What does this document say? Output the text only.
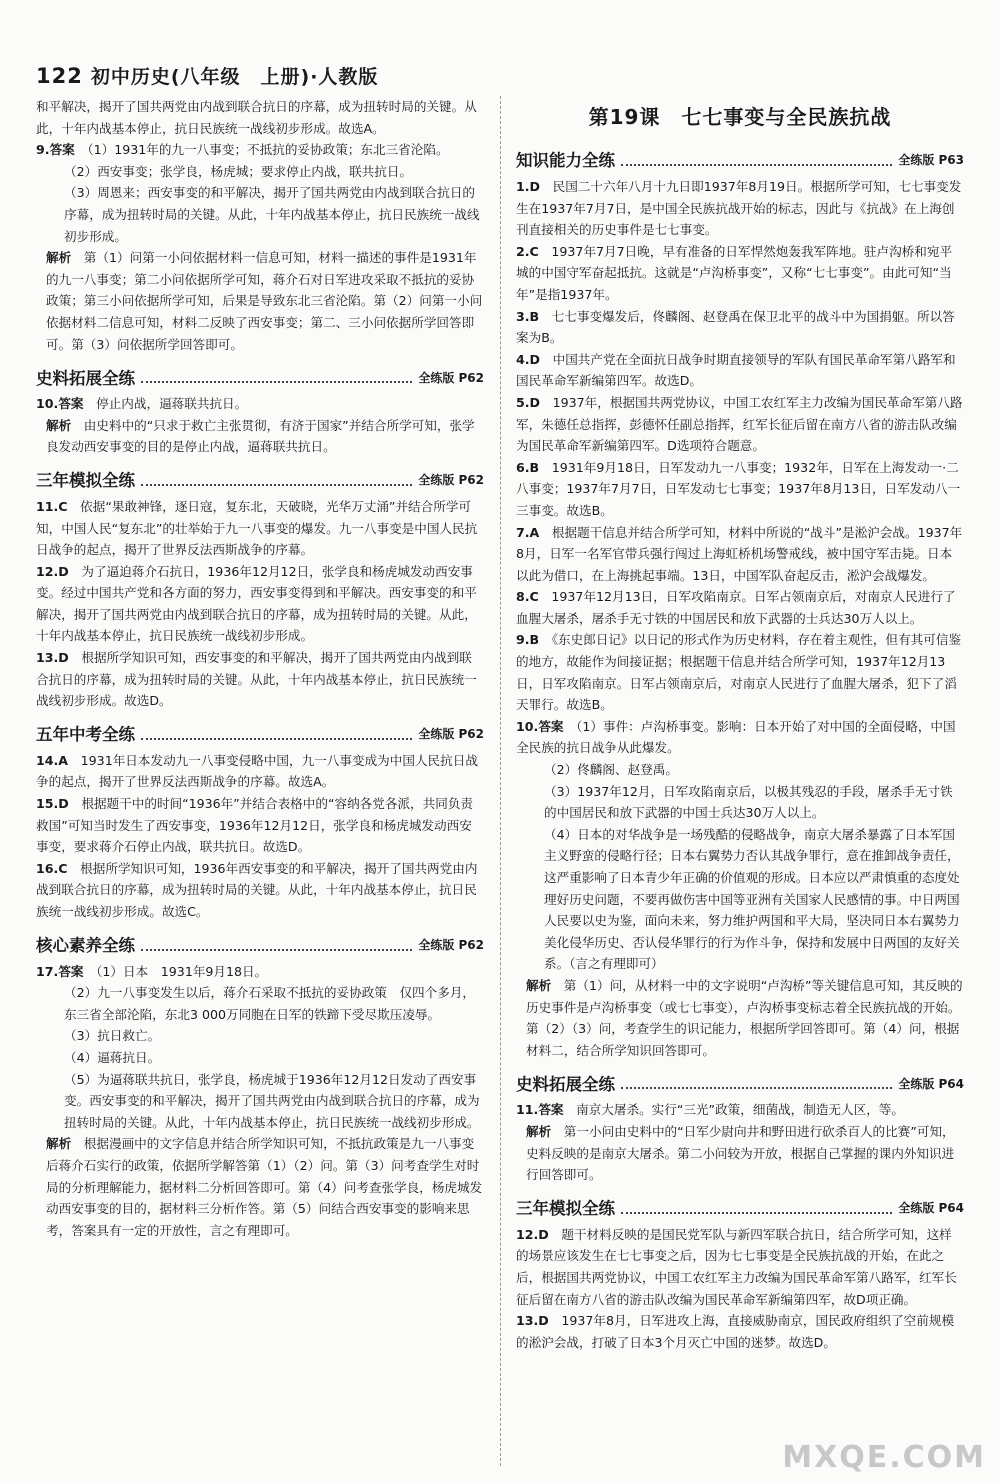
122 初中历史(八年级　上册)·人教版

和平解决，揭开了国共两党由内战到联合抗日的序幕，成为扭转时局的关键。从此，十年内战基本停止，抗日民族统一战线初步形成。故选A。

9.答案　 （1）1931年的九一八事变；不抵抗的妥协政策；东北三省沦陷。

（2）西安事变；张学良，杨虎城；要求停止内战，联共抗日。

（3）周恩来；西安事变的和平解决，揭开了国共两党由内战到联合抗日的序幕，成为扭转时局的关键。从此，十年内战基本停止，抗日民族统一战线初步形成。

解析　 第（1）问第一小问依据材料一信息可知，材料一描述的事件是1931年的九一八事变；第二小问依据所学可知，蒋介石对日军进攻采取不抵抗的妥协政策；第三小问依据所学可知，后果是导致东北三省沦陷。第（2）问第一小问依据材料二信息可知，材料二反映了西安事变；第二、三小问依据所学回答即可。第（3）问依据所学回答即可。

史料拓展全练	全练版 P62

10.答案　 停止内战，逼蒋联共抗日。

解析　 由史料中的“只求于救亡主张贯彻，有济于国家”并结合所学可知，张学良发动西安事变的目的是停止内战，逼蒋联共抗日。

三年模拟全练	全练版 P62

11.C　 依据“果敢神锋，逐日寇，复东北，天破晓，光华万丈涌”并结合所学可知，中国人民“复东北”的壮举始于九一八事变的爆发。九一八事变是中国人民抗日战争的起点，揭开了世界反法西斯战争的序幕。

12.D　 为了逼迫蒋介石抗日，1936年12月12日，张学良和杨虎城发动西安事变。经过中国共产党和各方面的努力，西安事变得到和平解决。西安事变的和平解决，揭开了国共两党由内战到联合抗日的序幕，成为扭转时局的关键。从此，十年内战基本停止，抗日民族统一战线初步形成。

13.D　 根据所学知识可知，西安事变的和平解决，揭开了国共两党由内战到联合抗日的序幕，成为扭转时局的关键。从此，十年内战基本停止，抗日民族统一战线初步形成。故选D。

五年中考全练	全练版 P62

14.A　 1931年日本发动九一八事变侵略中国，九一八事变成为中国人民抗日战争的起点，揭开了世界反法西斯战争的序幕。故选A。

15.D　 根据题干中的时间“1936年”并结合表格中的“容纳各党各派，共同负责救国”可知当时发生了西安事变，1936年12月12日，张学良和杨虎城发动西安事变，要求蒋介石停止内战，联共抗日。故选D。

16.C　 根据所学知识可知，1936年西安事变的和平解决，揭开了国共两党由内战到联合抗日的序幕，成为扭转时局的关键。从此，十年内战基本停止，抗日民族统一战线初步形成。故选C。

核心素养全练	全练版 P62

17.答案　 （1）日本　1931年9月18日。

（2）九一八事变发生以后，蒋介石采取不抵抗的妥协政策　仅四个多月，东三省全部沦陷，东北3 000万同胞在日军的铁蹄下受尽欺压凌辱。

（3）抗日救亡。

（4）逼蒋抗日。

（5）为逼蒋联共抗日，张学良，杨虎城于1936年12月12日发动了西安事变。西安事变的和平解决，揭开了国共两党由内战到联合抗日的序幕，成为扭转时局的关键。从此，十年内战基本停止，抗日民族统一战线初步形成。

解析　 根据漫画中的文字信息并结合所学知识可知，不抵抗政策是九一八事变后蒋介石实行的政策，依据所学解答第（1）（2）问。第（3）问考查学生对时局的分析理解能力，据材料二分析回答即可。第（4）问考查张学良，杨虎城发动西安事变的目的，据材料三分析作答。第（5）问结合西安事变的影响来思考，答案具有一定的开放性，言之有理即可。

第19课　七七事变与全民族抗战
知识能力全练	全练版 P63

1.D　 民国二十六年八月十九日即1937年8月19日。根据所学可知，七七事变发生在1937年7月7日，是中国全民族抗战开始的标志，因此与《抗战》在上海创刊直接相关的历史事件是七七事变。

2.C　 1937年7月7日晚，早有准备的日军悍然炮轰我军阵地。驻卢沟桥和宛平城的中国守军奋起抵抗。这就是“卢沟桥事变”，又称“七七事变”。由此可知“当年”是指1937年。

3.B　 七七事变爆发后，佟麟阁、赵登禹在保卫北平的战斗中为国捐躯。所以答案为B。

4.D　 中国共产党在全面抗日战争时期直接领导的军队有国民革命军第八路军和国民革命军新编第四军。故选D。

5.D　 1937年，根据国共两党协议，中国工农红军主力改编为国民革命军第八路军，朱德任总指挥，彭德怀任副总指挥，红军长征后留在南方八省的游击队改编为国民革命军新编第四军。D选项符合题意。

6.B　 1931年9月18日，日军发动九一八事变；1932年，日军在上海发动一·二八事变；1937年7月7日，日军发动七七事变；1937年8月13日，日军发动八一三事变。故选B。

7.A　 根据题干信息并结合所学可知，材料中所说的“战斗”是淞沪会战。1937年8月，日军一名军官带兵强行闯过上海虹桥机场警戒线，被中国守军击毙。日本以此为借口，在上海挑起事端。13日，中国军队奋起反击，淞沪会战爆发。

8.C　 1937年12月13日，日军攻陷南京。日军占领南京后，对南京人民进行了血腥大屠杀，屠杀手无寸铁的中国居民和放下武器的士兵达30万人以上。

9.B　 《东史郎日记》以日记的形式作为历史材料，存在着主观性，但有其可信鉴的地方，故能作为间接证据；根据题干信息并结合所学可知，1937年12月13日，日军攻陷南京。日军占领南京后，对南京人民进行了血腥大屠杀，犯下了滔天罪行。故选B。

10.答案　 （1）事件：卢沟桥事变。影响：日本开始了对中国的全面侵略，中国全民族的抗日战争从此爆发。

（2）佟麟阁、赵登禹。

（3）1937年12月，日军攻陷南京后，以极其残忍的手段，屠杀手无寸铁的中国居民和放下武器的中国士兵达30万人以上。

（4）日本的对华战争是一场残酷的侵略战争，南京大屠杀暴露了日本军国主义野蛮的侵略行径；日本右翼势力否认其战争罪行，意在推卸战争责任，这严重影响了日本青少年正确的价值观的形成。日本应以严肃慎重的态度处理好历史问题，不要再做伤害中国等亚洲有关国家人民感情的事。中日两国人民要以史为鉴，面向未来，努力维护两国和平大局，坚决同日本右翼势力美化侵华历史、否认侵华罪行的行为作斗争，保持和发展中日两国的友好关系。（言之有理即可）

解析　 第（1）问，从材料一中的文字说明“卢沟桥”等关键信息可知，其反映的历史事件是卢沟桥事变（或七七事变），卢沟桥事变标志着全民族抗战的开始。第（2）（3）问，考查学生的识记能力，根据所学回答即可。第（4）问，根据材料二，结合所学知识回答即可。

史料拓展全练	全练版 P64

11.答案　 南京大屠杀。实行“三光”政策，细菌战，制造无人区，等。

解析　 第一小问由史料中的“日军少尉向井和野田进行砍杀百人的比赛”可知，史料反映的是南京大屠杀。第二小问较为开放，根据自己掌握的课内外知识进行回答即可。

三年模拟全练	全练版 P64

12.D　 题干材料反映的是国民党军队与新四军联合抗日，结合所学可知，这样的场景应该发生在七七事变之后，因为七七事变是全民族抗战的开始，在此之后，根据国共两党协议，中国工农红军主力改编为国民革命军第八路军，红军长征后留在南方八省的游击队改编为国民革命军新编第四军，故D项正确。

13.D　 1937年8月，日军进攻上海，直接威胁南京，国民政府组织了空前规模的淞沪会战，打破了日本3个月灭亡中国的迷梦。故选D。

MXQE.COM
